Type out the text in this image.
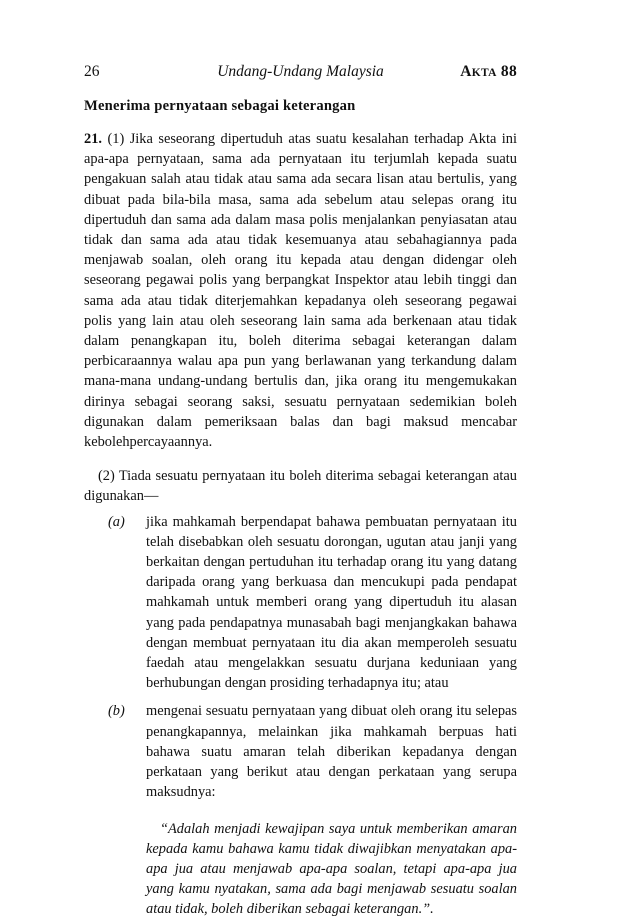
26	Undang-Undang Malaysia	AKTA 88
Menerima pernyataan sebagai keterangan
21. (1) Jika seseorang dipertuduh atas suatu kesalahan terhadap Akta ini apa-apa pernyataan, sama ada pernyataan itu terjumlah kepada suatu pengakuan salah atau tidak atau sama ada secara lisan atau bertulis, yang dibuat pada bila-bila masa, sama ada sebelum atau selepas orang itu dipertuduh dan sama ada dalam masa polis menjalankan penyiasatan atau tidak dan sama ada atau tidak kesemuanya atau sebahagiannya pada menjawab soalan, oleh orang itu kepada atau dengan didengar oleh seseorang pegawai polis yang berpangkat Inspektor atau lebih tinggi dan sama ada atau tidak diterjemahkan kepadanya oleh seseorang pegawai polis yang lain atau oleh seseorang lain sama ada berkenaan atau tidak dalam penangkapan itu, boleh diterima sebagai keterangan dalam perbicaraannya walau apa pun yang berlawanan yang terkandung dalam mana-mana undang-undang bertulis dan, jika orang itu mengemukakan dirinya sebagai seorang saksi, sesuatu pernyataan sedemikian boleh digunakan dalam pemeriksaan balas dan bagi maksud mencabar kebolehpercayaannya.
(2) Tiada sesuatu pernyataan itu boleh diterima sebagai keterangan atau digunakan—
(a) jika mahkamah berpendapat bahawa pembuatan pernyataan itu telah disebabkan oleh sesuatu dorongan, ugutan atau janji yang berkaitan dengan pertuduhan itu terhadap orang itu yang datang daripada orang yang berkuasa dan mencukupi pada pendapat mahkamah untuk memberi orang yang dipertuduh itu alasan yang pada pendapatnya munasabah bagi menjangkakan bahawa dengan membuat pernyataan itu dia akan memperoleh sesuatu faedah atau mengelakkan sesuatu durjana keduniaan yang berhubungan dengan prosiding terhadapnya itu; atau
(b) mengenai sesuatu pernyataan yang dibuat oleh orang itu selepas penangkapannya, melainkan jika mahkamah berpuas hati bahawa suatu amaran telah diberikan kepadanya dengan perkataan yang berikut atau dengan perkataan yang serupa maksudnya:
“Adalah menjadi kewajipan saya untuk memberikan amaran kepada kamu bahawa kamu tidak diwajibkan menyatakan apa-apa jua atau menjawab apa-apa soalan, tetapi apa-apa jua yang kamu nyatakan, sama ada bagi menjawab sesuatu soalan atau tidak, boleh diberikan sebagai keterangan.”.
